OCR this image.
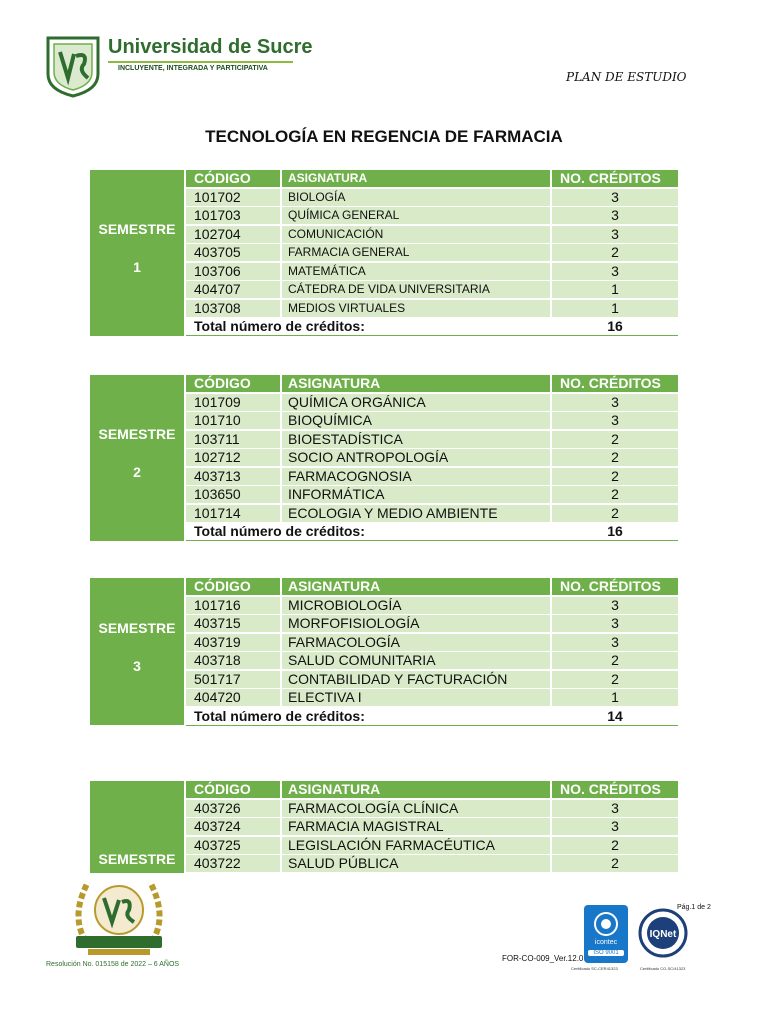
Universidad de Sucre
INCLUYENTE, INTEGRADA Y PARTICIPATIVA
PLAN DE ESTUDIO
TECNOLOGÍA EN REGENCIA DE FARMACIA
SEMESTRE
1
CÓDIGO	ASIGNATURA	NO. CRÉDITOS
101702	BIOLOGÍA	3
101703	QUÍMICA GENERAL	3
102704	COMUNICACIÓN	3
403705	FARMACIA GENERAL	2
103706	MATEMÁTICA	3
404707	CÁTEDRA DE VIDA UNIVERSITARIA	1
103708	MEDIOS VIRTUALES	1
Total número de créditos:	16
SEMESTRE
2
CÓDIGO	ASIGNATURA	NO. CRÉDITOS
101709	QUÍMICA ORGÁNICA	3
101710	BIOQUÍMICA	3
103711	BIOESTADÍSTICA	2
102712	SOCIO ANTROPOLOGÍA	2
403713	FARMACOGNOSIA	2
103650	INFORMÁTICA	2
101714	ECOLOGIA Y MEDIO AMBIENTE	2
Total número de créditos:	16
SEMESTRE
3
CÓDIGO	ASIGNATURA	NO. CRÉDITOS
101716	MICROBIOLOGÍA	3
403715	MORFOFISIOLOGÍA	3
403719	FARMACOLOGÍA	3
403718	SALUD COMUNITARIA	2
501717	CONTABILIDAD Y FACTURACIÓN	2
404720	ELECTIVA I	1
Total número de créditos:	14
SEMESTRE
CÓDIGO	ASIGNATURA	NO. CRÉDITOS
403726	FARMACOLOGÍA CLÍNICA	3
403724	FARMACIA MAGISTRAL	3
403725	LEGISLACIÓN FARMACÉUTICA	2
403722	SALUD PÚBLICA	2
Resolución No. 015158 de 2022 – 6 AÑOS
Pág.1 de 2
FOR-CO-009_Ver.12.0
icontec
ISO 9001
IQNet
Certificado SC-CER41323	Certificado CO-SC/41323
